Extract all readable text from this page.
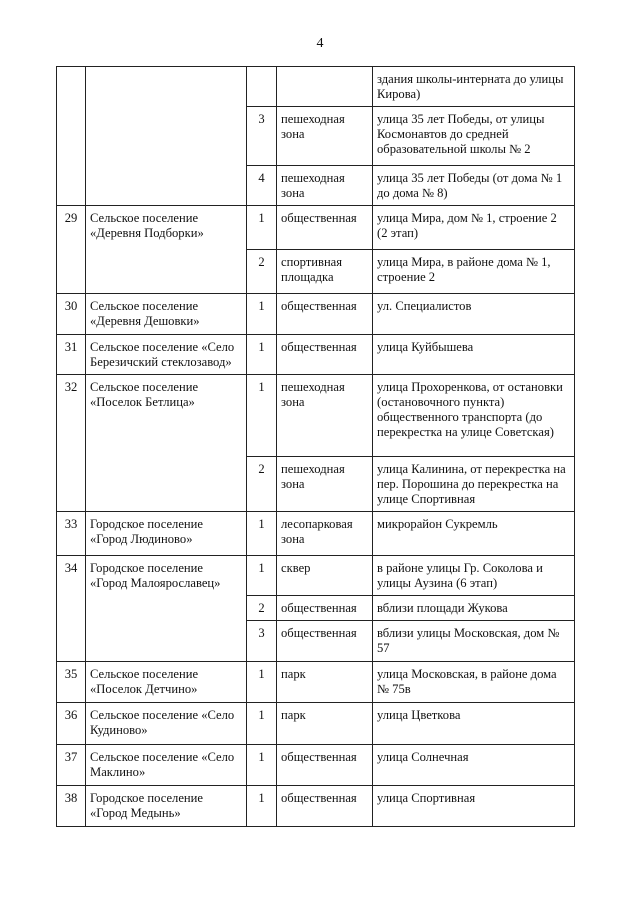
4
				здания школы-интерната до улицы Кирова)
		3	пешеходная зона	улица 35 лет Победы, от улицы Космонавтов до средней образовательной школы № 2
		4	пешеходная зона	улица 35 лет Победы (от дома № 1 до дома № 8)
29	Сельское поселение «Деревня Подборки»	1	общественная	улица Мира, дом № 1, строение 2 (2 этап)
		2	спортивная площадка	улица Мира, в районе дома № 1, строение 2
30	Сельское поселение «Деревня Дешовки»	1	общественная	ул. Специалистов
31	Сельское поселение «Село Березичский стеклозавод»	1	общественная	улица Куйбышева
32	Сельское поселение «Поселок Бетлица»	1	пешеходная зона	улица Прохоренкова, от остановки (остановочного пункта) общественного транспорта (до перекрестка на улице Советская)
		2	пешеходная зона	улица Калинина, от перекрестка на пер. Порошина до перекрестка на улице Спортивная
33	Городское поселение «Город Людиново»	1	лесопарковая зона	микрорайон Сукремль
34	Городское поселение «Город Малоярославец»	1	сквер	в районе улицы Гр. Соколова и улицы Аузина (6 этап)
		2	общественная	вблизи площади Жукова
		3	общественная	вблизи улицы Московская, дом № 57
35	Сельское поселение «Поселок Детчино»	1	парк	улица Московская, в районе дома № 75в
36	Сельское поселение «Село Кудиново»	1	парк	улица Цветкова
37	Сельское поселение «Село Маклино»	1	общественная	улица Солнечная
38	Городское поселение «Город Медынь»	1	общественная	улица Спортивная
